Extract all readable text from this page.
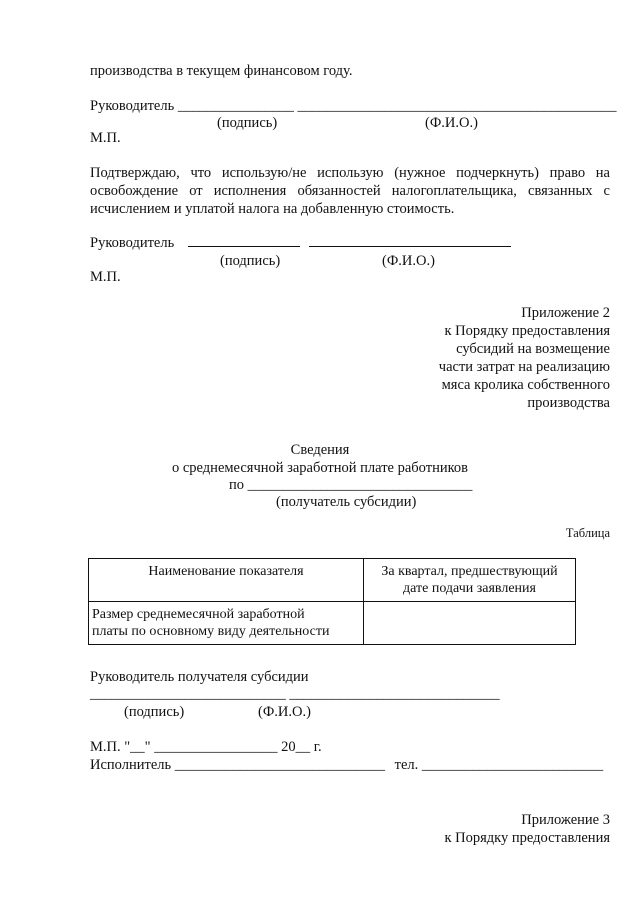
производства в текущем финансовом году.
Руководитель ________________ ____________________________________________
(подпись)	(Ф.И.О.)
М.П.
Подтверждаю, что использую/не использую (нужное подчеркнуть) право на
освобождение от исполнения обязанностей налогоплательщика, связанных с
исчислением и уплатой налога на добавленную стоимость.
Руководитель

(подпись)	(Ф.И.О.)
М.П.
Приложение 2
к Порядку предоставления
субсидий на возмещение
части затрат на реализацию
мяса кролика собственного
производства
Сведения
о среднемесячной заработной плате работников
по _______________________________
(получатель субсидии)
Таблица
Наименование показателя	За квартал, предшествующий
дате подачи заявления

Размер среднемесячной заработной
платы по основному виду деятельности	

Руководитель получателя субсидии
___________________________ _____________________________
(подпись)	(Ф.И.О.)
М.П. "__" _________________ 20__ г.
Исполнитель _____________________________ тел. _________________________
Приложение 3
к Порядку предоставления
